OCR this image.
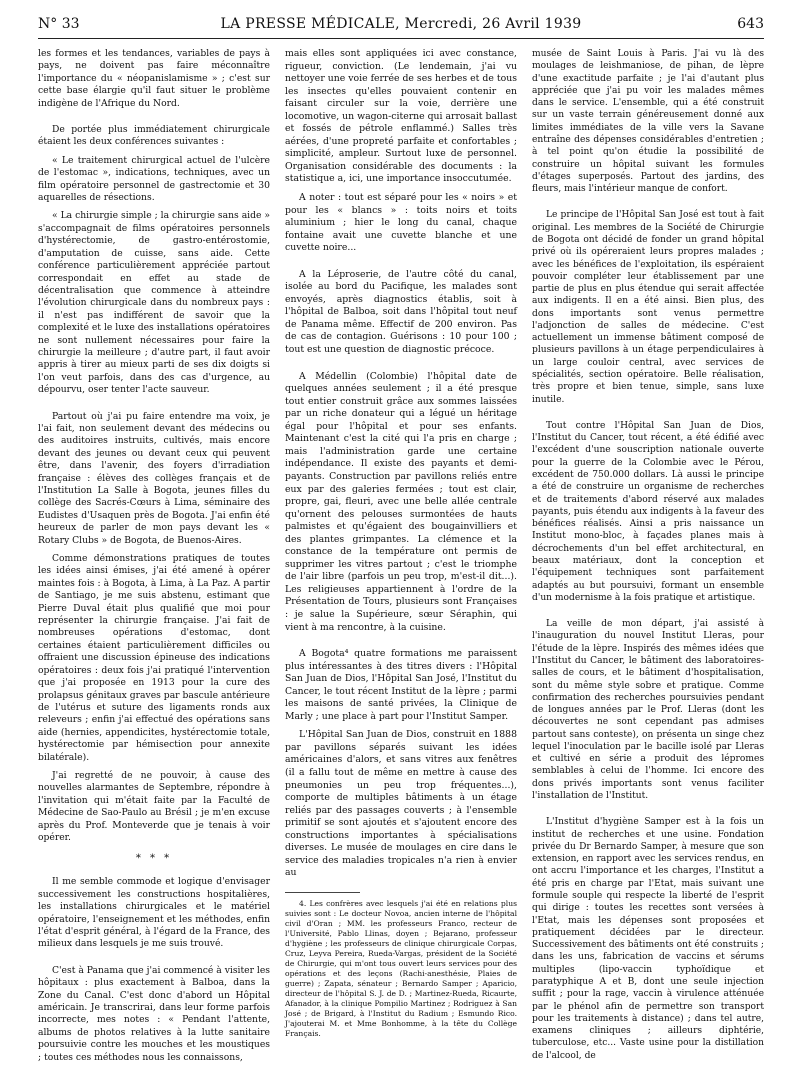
N° 33	LA PRESSE MÉDICALE, Mercredi, 26 Avril 1939	643

les formes et les tendances, variables de pays à pays, ne doivent pas faire méconnaître l'importance du « néopanislamisme » ; c'est sur cette base élargie qu'il faut situer le problème indigène de l'Afrique du Nord.

De portée plus immédiatement chirurgicale étaient les deux conférences suivantes :

« Le traitement chirurgical actuel de l'ulcère de l'estomac », indications, techniques, avec un film opératoire personnel de gastrectomie et 30 aquarelles de résections.

« La chirurgie simple ; la chirurgie sans aide » s'accompagnait de films opératoires personnels d'hystérectomie, de gastro-entérostomie, d'amputation de cuisse, sans aide. Cette conférence particulièrement appréciée partout correspondait en effet au stade de décentralisation que commence à atteindre l'évolution chirurgicale dans du nombreux pays : il n'est pas indifférent de savoir que la complexité et le luxe des installations opératoires ne sont nullement nécessaires pour faire la chirurgie la meilleure ; d'autre part, il faut avoir appris à tirer au mieux parti de ses dix doigts si l'on veut parfois, dans des cas d'urgence, au dépourvu, oser tenter l'acte sauveur.

Partout où j'ai pu faire entendre ma voix, je l'ai fait, non seulement devant des médecins ou des auditoires instruits, cultivés, mais encore devant des jeunes ou devant ceux qui peuvent être, dans l'avenir, des foyers d'irradiation française : élèves des collèges français et de l'Institution La Salle à Bogota, jeunes filles du collège des Sacrés-Cœurs à Lima, séminaire des Eudistes d'Usaquen près de Bogota. J'ai enfin été heureux de parler de mon pays devant les « Rotary Clubs » de Bogota, de Buenos-Aires.

Comme démonstrations pratiques de toutes les idées ainsi émises, j'ai été amené à opérer maintes fois : à Bogota, à Lima, à La Paz. A partir de Santiago, je me suis abstenu, estimant que Pierre Duval était plus qualifié que moi pour représenter la chirurgie française. J'ai fait de nombreuses opérations d'estomac, dont certaines étaient particulièrement difficiles ou offraient une discussion épineuse des indications opératoires : deux fois j'ai pratiqué l'intervention que j'ai proposée en 1913 pour la cure des prolapsus génitaux graves par bascule antérieure de l'utérus et suture des ligaments ronds aux releveurs ; enfin j'ai effectué des opérations sans aide (hernies, appendicites, hystérectomie totale, hystérectomie par hémisection pour annexite bilatérale).

J'ai regretté de ne pouvoir, à cause des nouvelles alarmantes de Septembre, répondre à l'invitation qui m'était faite par la Faculté de Médecine de Sao-Paulo au Brésil ; je m'en excuse après du Prof. Monteverde que je tenais à voir opérer.

* * *

Il me semble commode et logique d'envisager successivement les constructions hospitalières, les installations chirurgicales et le matériel opératoire, l'enseignement et les méthodes, enfin l'état d'esprit général, à l'égard de la France, des milieux dans lesquels je me suis trouvé.

C'est à Panama que j'ai commencé à visiter les hôpitaux : plus exactement à Balboa, dans la Zone du Canal. C'est donc d'abord un Hôpital américain. Je transcrirai, dans leur forme parfois incorrecte, mes notes : « Pendant l'attente, albums de photos relatives à la lutte sanitaire poursuivie contre les mouches et les moustiques ; toutes ces méthodes nous les connaissons,

mais elles sont appliquées ici avec constance, rigueur, conviction. (Le lendemain, j'ai vu nettoyer une voie ferrée de ses herbes et de tous les insectes qu'elles pouvaient contenir en faisant circuler sur la voie, derrière une locomotive, un wagon-citerne qui arrosait ballast et fossés de pétrole enflammé.) Salles très aérées, d'une propreté parfaite et confortables ; simplicité, ampleur. Surtout luxe de personnel. Organisation considérable des documents : la statistique a, ici, une importance insoccutumée.

A noter : tout est séparé pour les « noirs » et pour les « blancs » : toits noirs et toits aluminium ; hier le long du canal, chaque fontaine avait une cuvette blanche et une cuvette noire...

A la Léproserie, de l'autre côté du canal, isolée au bord du Pacifique, les malades sont envoyés, après diagnostics établis, soit à l'hôpital de Balboa, soit dans l'hôpital tout neuf de Panama même. Effectif de 200 environ. Pas de cas de contagion. Guérisons : 10 pour 100 ; tout est une question de diagnostic précoce.

A Médellin (Colombie) l'hôpital date de quelques années seulement ; il a été presque tout entier construit grâce aux sommes laissées par un riche donateur qui a légué un héritage égal pour l'hôpital et pour ses enfants. Maintenant c'est la cité qui l'a pris en charge ; mais l'administration garde une certaine indépendance. Il existe des payants et demi-payants. Construction par pavillons reliés entre eux par des galeries fermées ; tout est clair, propre, gai, fleuri, avec une belle allée centrale qu'ornent des pelouses surmontées de hauts palmistes et qu'égaient des bougainvilliers et des plantes grimpantes. La clémence et la constance de la température ont permis de supprimer les vitres partout ; c'est le triomphe de l'air libre (parfois un peu trop, m'est-il dit...). Les religieuses appartiennent à l'ordre de la Présentation de Tours, plusieurs sont Françaises : je salue la Supérieure, sœur Séraphin, qui vient à ma rencontre, à la cuisine.

A Bogota⁴ quatre formations me paraissent plus intéressantes à des titres divers : l'Hôpital San Juan de Dios, l'Hôpital San José, l'Institut du Cancer, le tout récent Institut de la lèpre ; parmi les maisons de santé privées, la Clinique de Marly ; une place à part pour l'Institut Samper.

L'Hôpital San Juan de Dios, construit en 1888 par pavillons séparés suivant les idées américaines d'alors, et sans vitres aux fenêtres (il a fallu tout de même en mettre à cause des pneumonies un peu trop fréquentes...), comporte de multiples bâtiments à un étage reliés par des passages couverts ; à l'ensemble primitif se sont ajoutés et s'ajoutent encore des constructions importantes à spécialisations diverses. Le musée de moulages en cire dans le service des maladies tropicales n'a rien à envier au

4. Les confrères avec lesquels j'ai été en relations plus suivies sont : Le docteur Novoa, ancien interne de l'hôpital civil d'Oran ; MM. les professeurs Franco, recteur de l'Université, Pablo Llinas, doyen ; Bejarano, professeur d'hygiène ; les professeurs de clinique chirurgicale Corpas, Cruz, Leyva Pereira, Rueda-Vargas, président de la Société de Chirurgie, qui m'ont tous ouvert leurs services pour des opérations et des leçons (Rachi-anesthésie, Plaies de guerre) ; Zapata, sénateur ; Bernardo Samper ; Aparicio, directeur de l'hôpital S. J. de D. ; Martinez-Rueda, Ricaurte, Afanador, à la clinique Pompilio Martinez ; Rodriguez à San José ; de Brigard, à l'Institut du Radium ; Esmundo Rico. J'ajouterai M. et Mme Bonhomme, à la tête du Collège Français.

musée de Saint Louis à Paris. J'ai vu là des moulages de leishmaniose, de pihan, de lèpre d'une exactitude parfaite ; je l'ai d'autant plus appréciée que j'ai pu voir les malades mêmes dans le service. L'ensemble, qui a été construit sur un vaste terrain généreusement donné aux limites immédiates de la ville vers la Savane entraîne des dépenses considérables d'entretien ; à tel point qu'on étudie la possibilité de construire un hôpital suivant les formules d'étages superposés. Partout des jardins, des fleurs, mais l'intérieur manque de confort.

Le principe de l'Hôpital San José est tout à fait original. Les membres de la Société de Chirurgie de Bogota ont décidé de fonder un grand hôpital privé où ils opéreraient leurs propres malades ; avec les bénéfices de l'exploitation, ils espéraient pouvoir compléter leur établissement par une partie de plus en plus étendue qui serait affectée aux indigents. Il en a été ainsi. Bien plus, des dons importants sont venus permettre l'adjonction de salles de médecine. C'est actuellement un immense bâtiment composé de plusieurs pavillons à un étage perpendiculaires à un large couloir central, avec services de spécialités, section opératoire. Belle réalisation, très propre et bien tenue, simple, sans luxe inutile.

Tout contre l'Hôpital San Juan de Dios, l'Institut du Cancer, tout récent, a été édifié avec l'excédent d'une souscription nationale ouverte pour la guerre de la Colombie avec le Pérou, excédent de 750.000 dollars. Là aussi le principe a été de construire un organisme de recherches et de traitements d'abord réservé aux malades payants, puis étendu aux indigents à la faveur des bénéfices réalisés. Ainsi a pris naissance un Institut mono-bloc, à façades planes mais à décrochements d'un bel effet architectural, en beaux matériaux, dont la conception et l'équipement techniques sont parfaitement adaptés au but poursuivi, formant un ensemble d'un modernisme à la fois pratique et artistique.

La veille de mon départ, j'ai assisté à l'inauguration du nouvel Institut Lleras, pour l'étude de la lèpre. Inspirés des mêmes idées que l'Institut du Cancer, le bâtiment des laboratoires-salles de cours, et le bâtiment d'hospitalisation, sont du même style sobre et pratique. Comme confirmation des recherches poursuivies pendant de longues années par le Prof. Lleras (dont les découvertes ne sont cependant pas admises partout sans conteste), on présenta un singe chez lequel l'inoculation par le bacille isolé par Lleras et cultivé en série a produit des lépromes semblables à celui de l'homme. Ici encore des dons privés importants sont venus faciliter l'installation de l'Institut.

L'Institut d'hygiène Samper est à la fois un institut de recherches et une usine. Fondation privée du Dr Bernardo Samper, à mesure que son extension, en rapport avec les services rendus, en ont accru l'importance et les charges, l'Institut a été pris en charge par l'Etat, mais suivant une formule souple qui respecte la liberté de l'esprit qui dirige : toutes les recettes sont versées à l'Etat, mais les dépenses sont proposées et pratiquement décidées par le directeur. Successivement des bâtiments ont été construits ; dans les uns, fabrication de vaccins et sérums multiples (lipo-vaccin typhoïdique et paratyphique A et B, dont une seule injection suffit ; pour la rage, vaccin à virulence atténuée par le phénol afin de permettre son transport pour les traitements à distance) ; dans tel autre, examens cliniques ; ailleurs diphtérie, tuberculose, etc... Vaste usine pour la distillation de l'alcool, de
